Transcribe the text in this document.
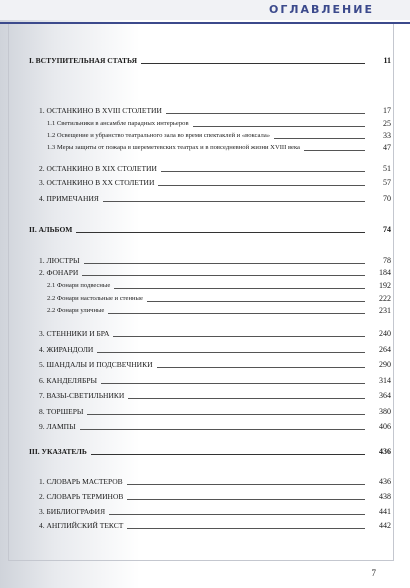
ОГЛАВЛЕНИЕ
I. ВСТУПИТЕЛЬНАЯ СТАТЬЯ	11
1. ОСТАНКИНО В XVIII СТОЛЕТИИ	17
1.1 Светильники в ансамбле парадных интерьеров	25
1.2 Освещение и убранство театрального зала во время спектаклей и «воксала»	33
1.3 Меры защиты от пожара в шереметевских театрах и в повседневной жизни XVIII века	47
2. ОСТАНКИНО В XIX СТОЛЕТИИ	51
3. ОСТАНКИНО В XX СТОЛЕТИИ	57
4. ПРИМЕЧАНИЯ	70
II. АЛЬБОМ	74
1. ЛЮСТРЫ	78
2. ФОНАРИ	184
2.1 Фонари подвесные	192
2.2 Фонари настольные и стенные	222
2.2 Фонари уличные	231
3. СТЕННИКИ И БРА	240
4. ЖИРАНДОЛИ	264
5. ШАНДАЛЫ И ПОДСВЕЧНИКИ	290
6. КАНДЕЛЯБРЫ	314
7. ВАЗЫ-СВЕТИЛЬНИКИ	364
8. ТОРШЕРЫ	380
9. ЛАМПЫ	406
III. УКАЗАТЕЛЬ	436
1. СЛОВАРЬ МАСТЕРОВ	436
2. СЛОВАРЬ ТЕРМИНОВ	438
3. БИБЛИОГРАФИЯ	441
4. АНГЛИЙСКИЙ ТЕКСТ	442
7
